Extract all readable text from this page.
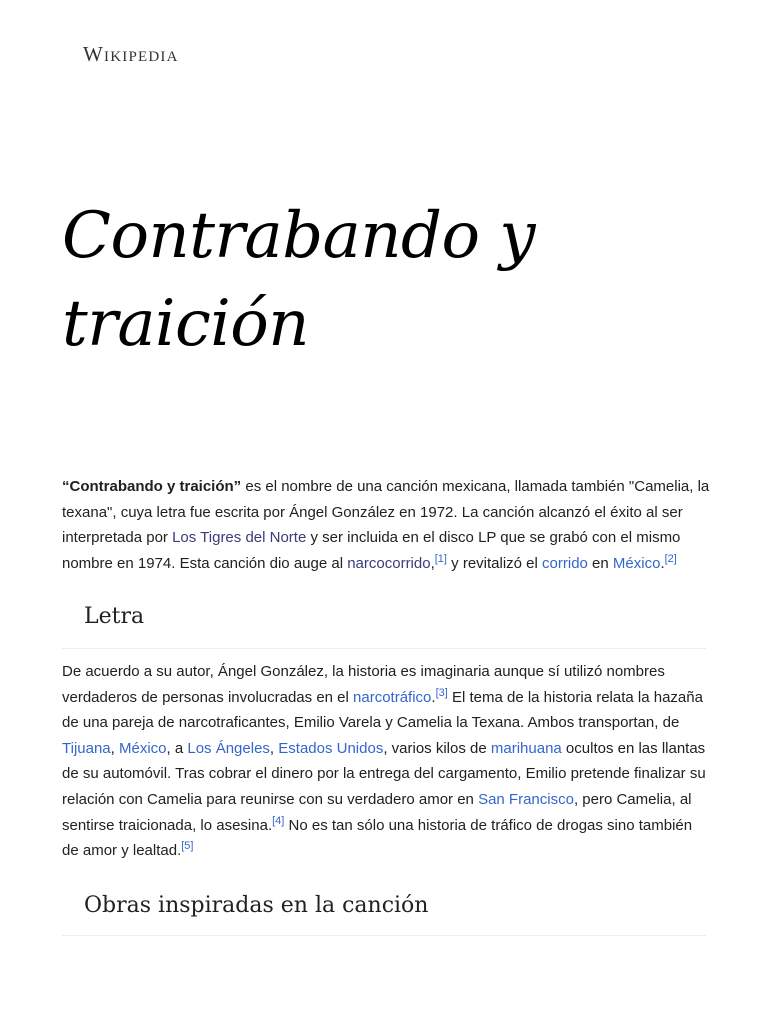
Wikipedia
Contrabando y traición

“Contrabando y traición” es el nombre de una canción mexicana, llamada también "Camelia, la texana", cuya letra fue escrita por Ángel González en 1972. La canción alcanzó el éxito al ser interpretada por Los Tigres del Norte y ser incluida en el disco LP que se grabó con el mismo nombre en 1974. Esta canción dio auge al narcocorrido,[1] y revitalizó el corrido en México.[2]

Letra

De acuerdo a su autor, Ángel González, la historia es imaginaria aunque sí utilizó nombres verdaderos de personas involucradas en el narcotráfico.[3] El tema de la historia relata la hazaña de una pareja de narcotraficantes, Emilio Varela y Camelia la Texana. Ambos transportan, de Tijuana, México, a Los Ángeles, Estados Unidos, varios kilos de marihuana ocultos en las llantas de su automóvil. Tras cobrar el dinero por la entrega del cargamento, Emilio pretende finalizar su relación con Camelia para reunirse con su verdadero amor en San Francisco, pero Camelia, al sentirse traicionada, lo asesina.[4] No es tan sólo una historia de tráfico de drogas sino también de amor y lealtad.[5]

Obras inspiradas en la canción
